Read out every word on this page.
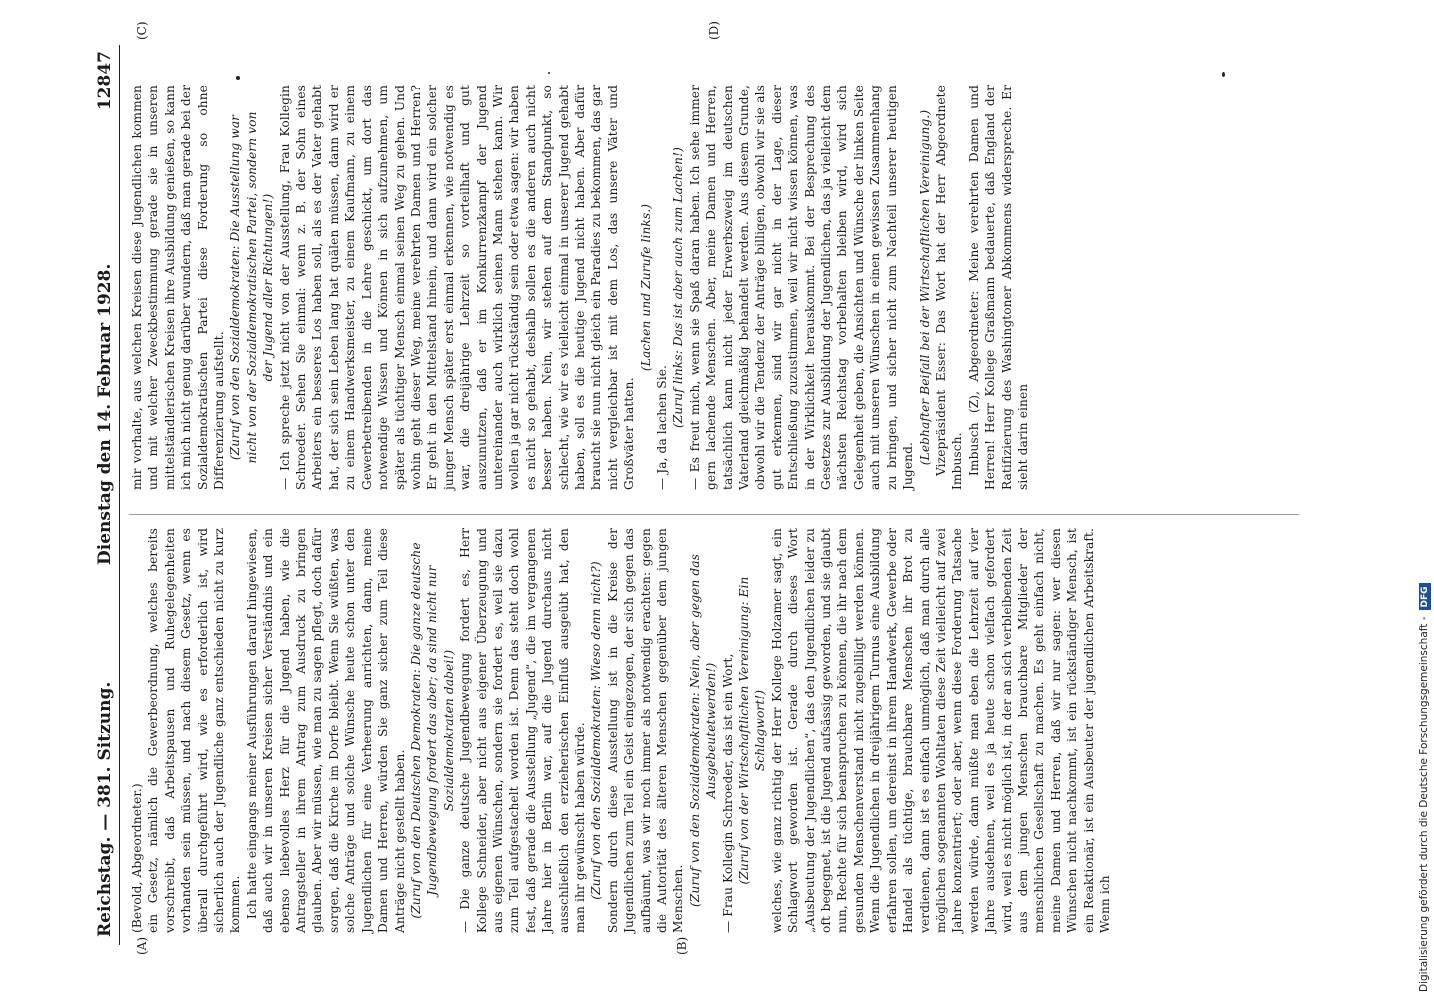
Reichstag. — 381. Sitzung.
Dienstag den 14. Februar 1928.
12847
(A)	(B)
(C)	(D)

(Bevold, Abgeordneter.) ein Gesetz, nämlich die Gewerbeordnung, welches bereits vorschreibt, daß Arbeitspausen und Ruhegelegenheiten vorhanden sein müssen, und nach diesem Gesetz, wenn es überall durchgeführt wird, wie es erforderlich ist, wird sicherlich auch der Jugendliche ganz entschieden nicht zu kurz kommen. Ich hatte eingangs meiner Ausführungen darauf hingewiesen, daß auch wir in unseren Kreisen sicher Verständnis und ein ebenso liebevolles Herz für die Jugend haben, wie die Antragsteller in ihrem Antrag zum Ausdruck zu bringen glauben. Aber wir müssen, wie man zu sagen pflegt, doch dafür sorgen, daß die Kirche im Dorfe bleibt. Wenn Sie wüßten, was solche Anträge und solche Wünsche heute schon unter den Jugendlichen für eine Verheerung anrichten, dann, meine Damen und Herren, würden Sie ganz sicher zum Teil diese Anträge nicht gestellt haben. (Zuruf von den Deutschen Demokraten: Die ganze deutsche Jugendbewegung fordert das aber; da sind nicht nur Sozialdemokraten dabei!) — Die ganze deutsche Jugendbewegung fordert es, Herr Kollege Schneider, aber nicht aus eigener Überzeugung und aus eigenen Wünschen, sondern sie fordert es, weil sie dazu zum Teil aufgestachelt worden ist. Denn das steht doch wohl fest, daß gerade die Ausstellung „Jugend“, die im vergangenen Jahre hier in Berlin war, auf die Jugend durchaus nicht ausschließlich den erzieherischen Einfluß ausgeübt hat, den man ihr gewünscht haben würde. (Zuruf von den Sozialdemokraten: Wieso denn nicht?) Sondern durch diese Ausstellung ist in die Kreise der Jugendlichen zum Teil ein Geist eingezogen, der sich gegen das aufbäumt, was wir noch immer als notwendig erachten: gegen die Autorität des älteren Menschen gegenüber dem jungen Menschen. (Zuruf von den Sozialdemokraten: Nein, aber gegen das Ausgebeutetwerden!) — Frau Kollegin Schroeder, das ist ein Wort, (Zuruf von der Wirtschaftlichen Vereinigung: Ein Schlagwort!) welches, wie ganz richtig der Herr Kollege Holzamer sagt, ein Schlagwort geworden ist. Gerade durch dieses Wort „Ausbeutung der Jugendlichen“, das den Jugendlichen leider zu oft begegnet, ist die Jugend aufsässig geworden, und sie glaubt nun, Rechte für sich beanspruchen zu können, die ihr nach dem gesunden Menschenverstand nicht zugebilligt werden können. Wenn die Jugendlichen in dreijährigem Turnus eine Ausbildung erfahren sollen, um dereinst in ihrem Handwerk, Gewerbe oder Handel als tüchtige, brauchbare Menschen ihr Brot zu verdienen, dann ist es einfach unmöglich, daß man durch alle möglichen sogenannten Wohltaten diese Zeit vielleicht auf zwei Jahre konzentriert; oder aber, wenn diese Forderung Tatsache werden würde, dann müßte man eben die Lehrzeit auf vier Jahre ausdehnen, weil es ja heute schon vielfach gefordert wird, weil es nicht möglich ist, in der an sich verbleibenden Zeit aus dem jungen Menschen brauchbare Mitglieder der menschlichen Gesellschaft zu machen. Es geht einfach nicht, meine Damen und Herren, daß wir nur sagen: wer diesen Wünschen nicht nachkommt, ist ein rückständiger Mensch, ist ein Reaktionär, ist ein Ausbeuter der jugendlichen Arbeitskraft. Wenn ich

mir vorhalte, aus welchen Kreisen diese Jugendlichen kommen und mit welcher Zweckbestimmung gerade sie in unseren mittelständlerischen Kreisen ihre Ausbildung genießen, so kann ich mich nicht genug darüber wundern, daß man gerade bei der Sozialdemokratischen Partei diese Forderung so ohne Differenzierung aufstellt. (Zuruf von den Sozialdemokraten: Die Ausstellung war nicht von der Sozialdemokratischen Partei, sondern von der Jugend aller Richtungen!) — Ich spreche jetzt nicht von der Ausstellung, Frau Kollegin Schroeder. Sehen Sie einmal: wenn z. B. der Sohn eines Arbeiters ein besseres Los haben soll, als es der Vater gehabt hat, der sich sein Leben lang hat quälen müssen, dann wird er zu einem Handwerksmeister, zu einem Kaufmann, zu einem Gewerbetreibenden in die Lehre geschickt, um dort das notwendige Wissen und Können in sich aufzunehmen, um später als tüchtiger Mensch einmal seinen Weg zu gehen. Und wohin geht dieser Weg, meine verehrten Damen und Herren? Er geht in den Mittelstand hinein, und dann wird ein solcher junger Mensch später erst einmal erkennen, wie notwendig es war, die dreijährige Lehrzeit so vorteilhaft und gut auszunutzen, daß er im Konkurrenzkampf der Jugend untereinander auch wirklich seinen Mann stehen kann. Wir wollen ja gar nicht rückständig sein oder etwa sagen: wir haben es nicht so gehabt, deshalb sollen es die anderen auch nicht besser haben. Nein, wir stehen auf dem Standpunkt, so schlecht, wie wir es vielleicht einmal in unserer Jugend gehabt haben, soll es die heutige Jugend nicht haben. Aber dafür braucht sie nun nicht gleich ein Paradies zu bekommen, das gar nicht vergleichbar ist mit dem Los, das unsere Väter und Großväter hatten.

(Lachen und Zurufe links.)

— Ja, da lachen Sie. (Zuruf links: Das ist aber auch zum Lachen!) — Es freut mich, wenn sie Spaß daran haben. Ich sehe immer gern lachende Menschen. Aber, meine Damen und Herren, tatsächlich kann nicht jeder Erwerbszweig im deutschen Vaterland gleichmäßig behandelt werden. Aus diesem Grunde, obwohl wir die Tendenz der Anträge billigen, obwohl wir sie als gut erkennen, sind wir gar nicht in der Lage, dieser Entschließung zuzustimmen, weil wir nicht wissen können, was in der Wirklichkeit herauskommt. Bei der Besprechung des Gesetzes zur Ausbildung der Jugendlichen, das ja vielleicht dem nächsten Reichstag vorbehalten bleiben wird, wird sich Gelegenheit geben, die Ansichten und Wünsche der linken Seite auch mit unseren Wünschen in einen gewissen Zusammenhang zu bringen, und sicher nicht zum Nachteil unserer heutigen Jugend.

(Lebhafter Beifall bei der Wirtschaftlichen Vereinigung.) Vizepräsident Esser: Das Wort hat der Herr Abgeordnete Imbusch. Imbusch (Z), Abgeordneter: Meine verehrten Damen und Herren! Herr Kollege Graßmann bedauerte, daß England der Ratifizierung des Washingtoner Abkommens widerspreche. Er sieht darin einen

Digitalisierung gefördert durch die Deutsche Forschungsgemeinschaft -DFG
